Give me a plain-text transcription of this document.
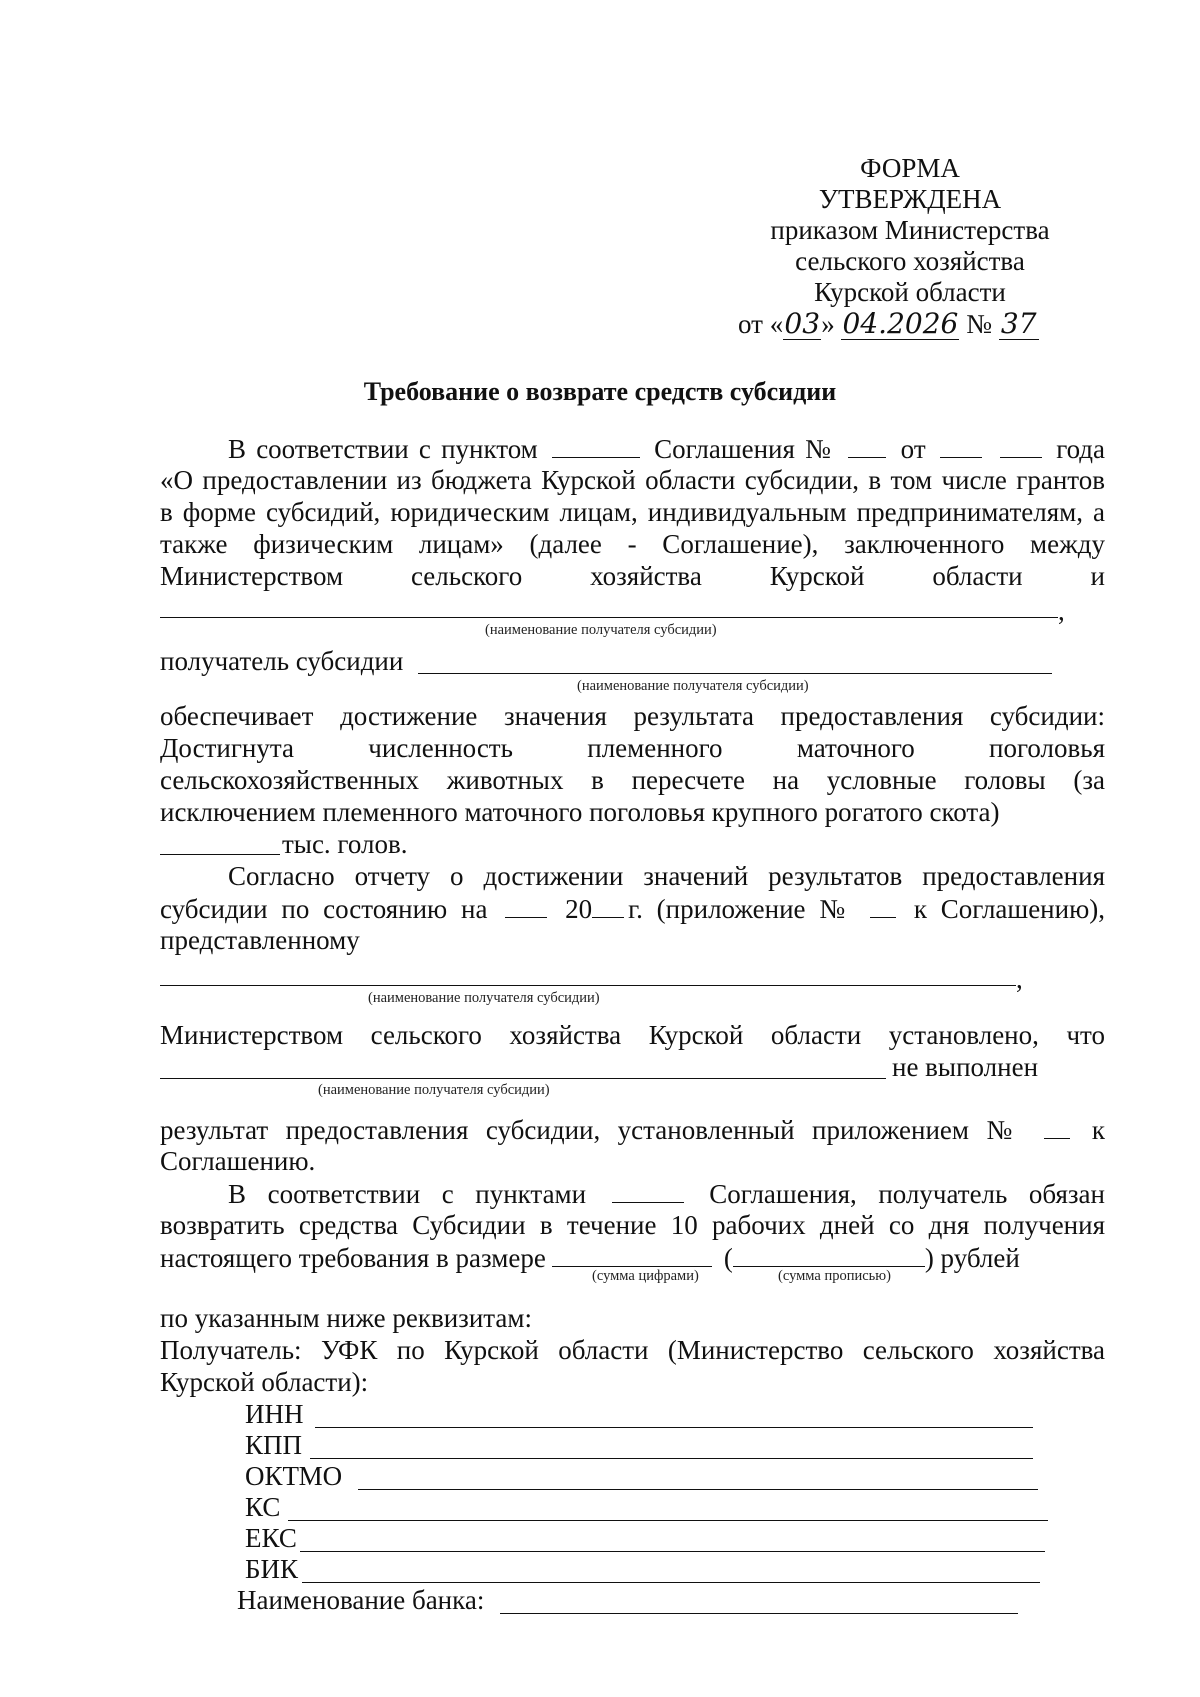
ФОРМА
УТВЕРЖДЕНА
приказом Министерства
сельского хозяйства
Курской области
от «03» 04.2026 № 37
Требование о возврате средств субсидии
В соответствии с пунктом	Соглашения № от	года
«О предоставлении из бюджета Курской области субсидии, в том числе грантов
в форме субсидий, юридическим лицам, индивидуальным предпринимателям, а
также физическим лицам» (далее - Соглашение), заключенного между
Министерством сельского хозяйства Курской области и
,
(наименование получателя субсидии)
получатель субсидии
(наименование получателя субсидии)
обеспечивает достижение значения результата предоставления субсидии:
Достигнута численность племенного маточного поголовья
сельскохозяйственных животных в пересчете на условные головы (за
исключением племенного маточного поголовья крупного рогатого скота)
тыс. голов.
Согласно отчету о достижении значений результатов предоставления
субсидии по состоянию на	20 г. (приложение № к Соглашению),
представленному
,
(наименование получателя субсидии)
Министерством сельского хозяйства Курской области установлено, что
не выполнен
(наименование получателя субсидии)
результат предоставления субсидии, установленный приложением №	к
Соглашению.
В соответствии с пунктами	Соглашения, получатель обязан
возвратить средства Субсидии в течение 10 рабочих дней со дня получения
настоящего требования в размере	(	) рублей
(сумма цифрами)	(сумма прописью)
по указанным ниже реквизитам:
Получатель: УФК по Курской области (Министерство сельского хозяйства
Курской области):
ИНН
КПП
ОКТМО
КС
ЕКС
БИК
Наименование банка:
